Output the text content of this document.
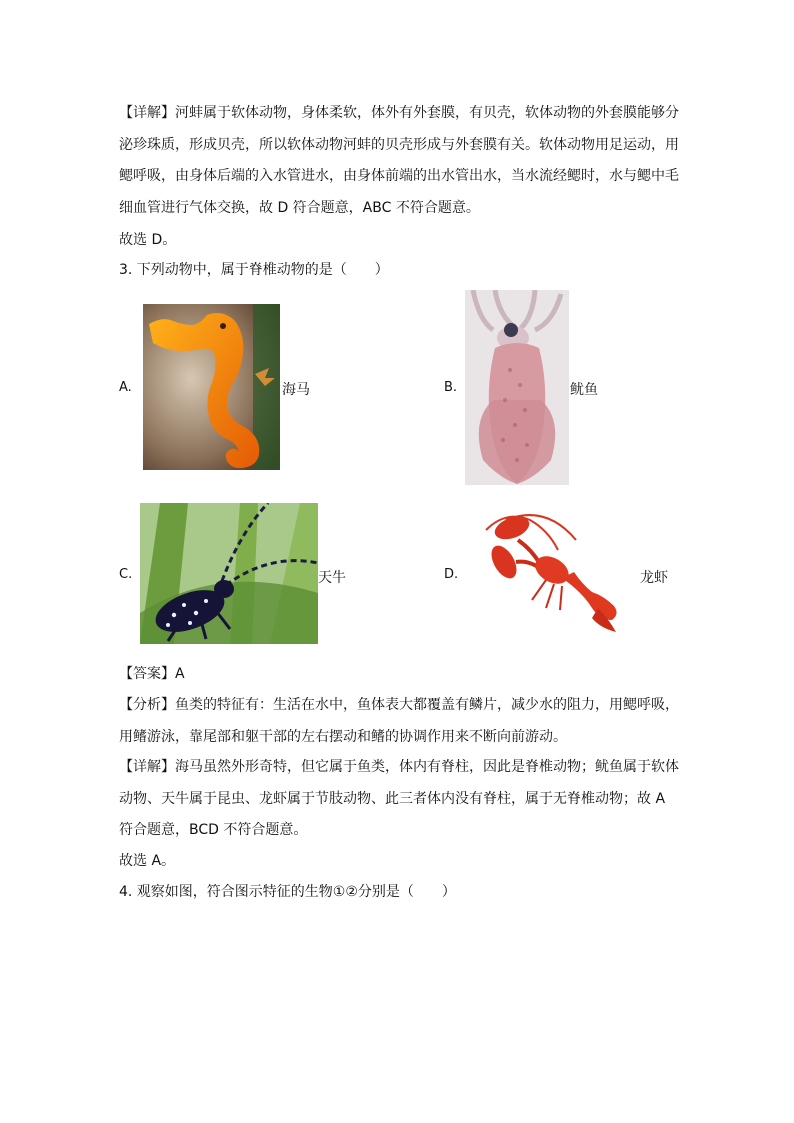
【详解】河蚌属于软体动物，身体柔软，体外有外套膜，有贝壳，软体动物的外套膜能够分泌珍珠质，形成贝壳，所以软体动物河蚌的贝壳形成与外套膜有关。软体动物用足运动，用鳃呼吸，由身体后端的入水管进水，由身体前端的出水管出水，当水流经鳃时，水与鳃中毛细血管进行气体交换，故 D 符合题意，ABC 不符合题意。

故选 D。

3. 下列动物中，属于脊椎动物的是（　　）

A.	海马	B.	鱿鱼
C.	天牛	D.	龙虾

【答案】A

【分析】鱼类的特征有：生活在水中，鱼体表大都覆盖有鳞片，减少水的阻力，用鳃呼吸，用鳍游泳，靠尾部和躯干部的左右摆动和鳍的协调作用来不断向前游动。

【详解】海马虽然外形奇特，但它属于鱼类，体内有脊柱，因此是脊椎动物；鱿鱼属于软体动物、天牛属于昆虫、龙虾属于节肢动物、此三者体内没有脊柱，属于无脊椎动物；故 A 符合题意，BCD 不符合题意。

故选 A。

4. 观察如图，符合图示特征的生物①②分别是（　　）
